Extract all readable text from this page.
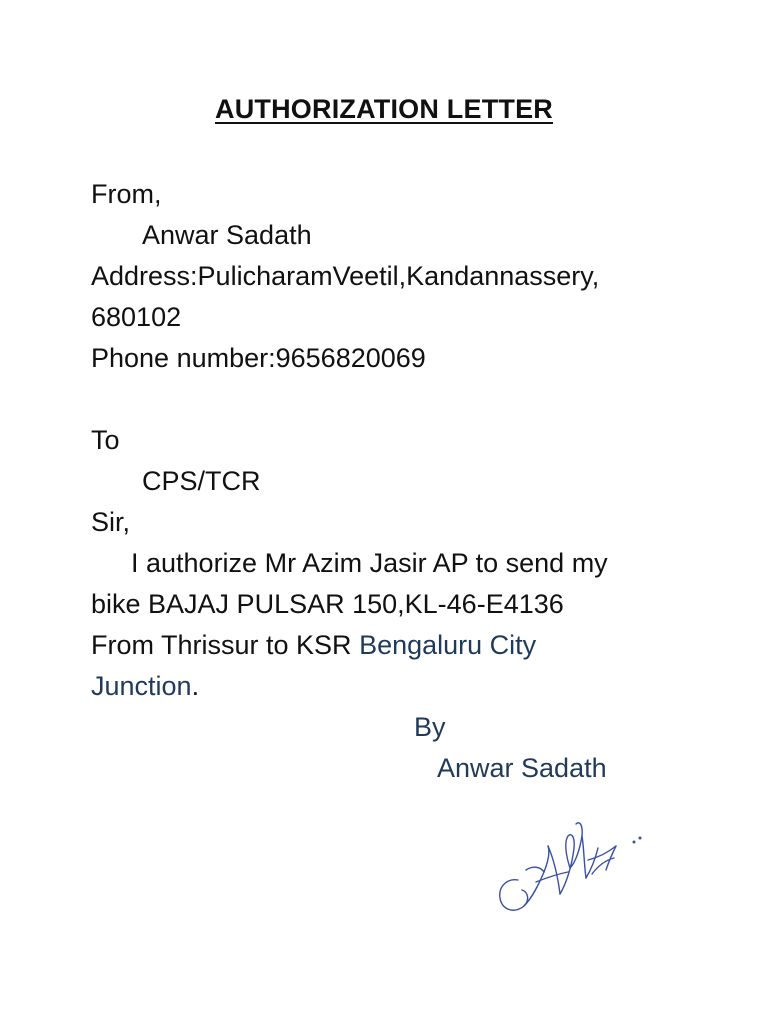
AUTHORIZATION LETTER
From,
Anwar Sadath
Address:PulicharamVeetil,Kandannassery,
680102
Phone number:9656820069
To
CPS/TCR
Sir,
I authorize Mr Azim Jasir AP to send my
bike BAJAJ PULSAR 150,KL-46-E4136
From Thrissur to KSR Bengaluru City
Junction.
By
Anwar Sadath
